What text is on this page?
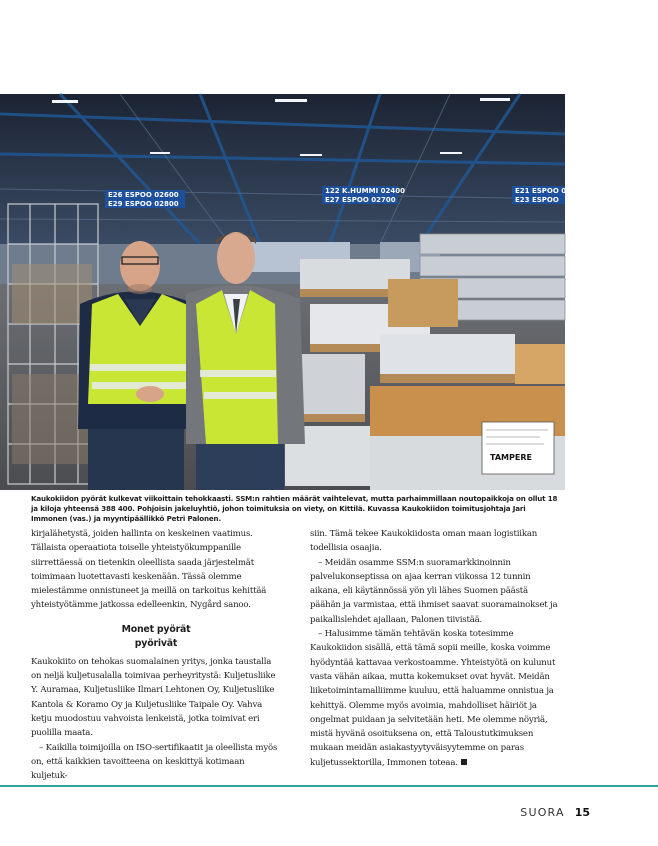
E26 ESPOO 02600
E29 ESPOO 02800
122 K.HUMMI 02400
E27 ESPOO 02700
E21 ESPOO 02100
E23 ESPOO
TAMPERE
Kaukokiidon pyörät kulkevat viikoittain tehokkaasti. SSM:n rahtien määrät vaihtelevat, mutta parhaimmillaan noutopaikkoja on ollut 18 ja kiloja yhteensä 388 400. Pohjoisin jakeluyhtiö, johon toimituksia on viety, on Kittilä. Kuvassa Kaukokiidon toimitusjohtaja Jari Immonen (vas.) ja myyntipäällikkö Petri Palonen.

kirjalähetystä, joiden hallinta on keskeinen vaatimus. Tällaista operaatiota toiselle yhteistyökumppanille siirrettäessä on tietenkin oleellista saada järjestelmät toimimaan luotettavasti keskenään. Tässä olemme mielestämme onnistuneet ja meillä on tarkoitus kehittää yhteistyötämme jatkossa edelleenkin, Nygård sanoo.

Monet pyörät
pyörivät

Kaukokiito on tehokas suomalainen yritys, jonka taustalla on neljä kuljetusalalla toimivaa perheyritystä: Kuljetusliike Y. Auramaa, Kuljetusliike Ilmari Lehtonen Oy, Kuljetusliike Kantola & Koramo Oy ja Kuljetusliike Taipale Oy. Vahva ketju muodostuu vahvoista lenkeistä, jotka toimivat eri puolilla maata.

– Kaikilla toimijoilla on ISO-sertifikaatit ja oleellista myös on, että kaikkien tavoitteena on keskittyä kotimaan kuljetuk-

siin. Tämä tekee Kaukokiidosta oman maan logistiikan todellisia osaajia.

– Meidän osamme SSM:n suoramarkkinoinnin palvelukonseptissa on ajaa kerran viikossa 12 tunnin aikana, eli käytännössä yön yli lähes Suomen päästä päähän ja varmistaa, että ihmiset saavat suoramainokset ja paikallislehdet ajallaan, Palonen tiivistää.

– Halusimme tämän tehtävän koska totesimme Kaukokiidon sisällä, että tämä sopii meille, koska voimme hyödyntää kattavaa verkostoamme. Yhteistyötä on kulunut vasta vähän aikaa, mutta kokemukset ovat hyvät. Meidän liiketoimintamalliimme kuuluu, että haluamme onnistua ja kehittyä. Olemme myös avoimia, mahdolliset häiriöt ja ongelmat puidaan ja selvitetään heti. Me olemme nöyriä, mistä hyvänä osoituksena on, että Taloustutkimuksen mukaan meidän asiakastyytyväisyytemme on paras kuljetussektorilla, Immonen toteaa.

SUORA 15
